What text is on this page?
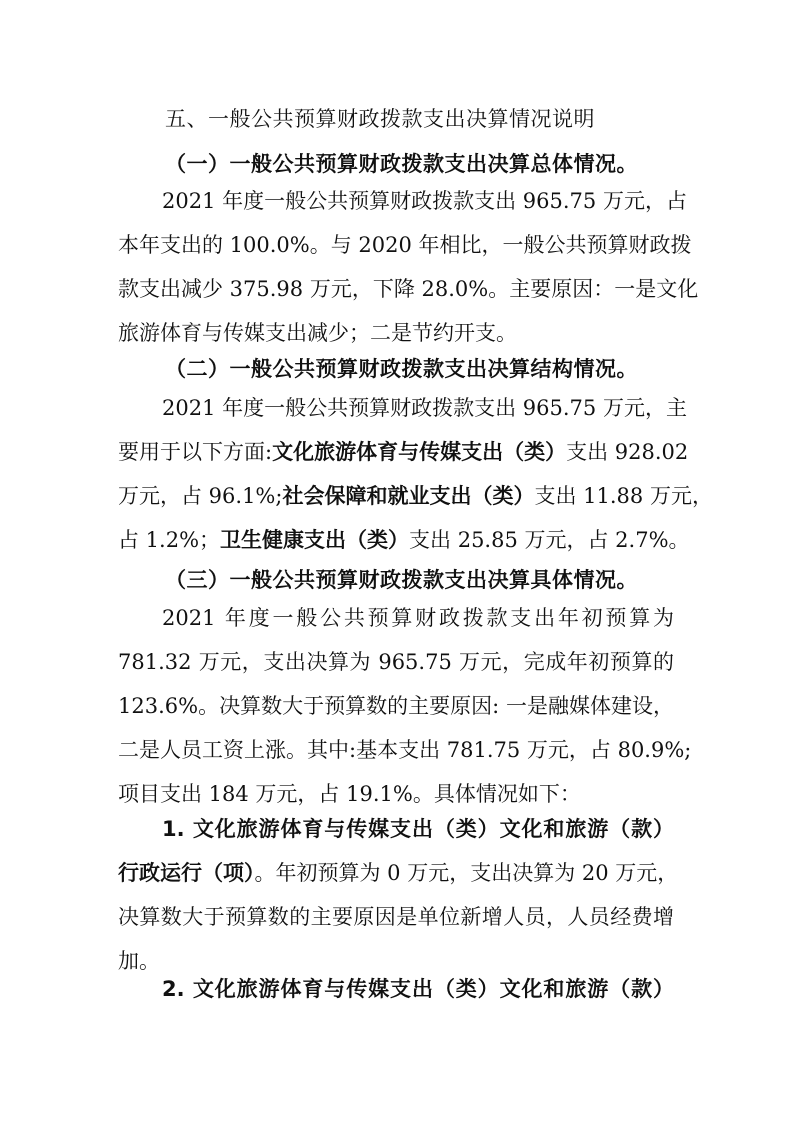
五、一般公共预算财政拨款支出决算情况说明
（一）一般公共预算财政拨款支出决算总体情况。
2021 年度一般公共预算财政拨款支出 965.75 万元，占
本年支出的 100.0%。与 2020 年相比，一般公共预算财政拨
款支出减少 375.98 万元，下降 28.0%。主要原因：一是文化
旅游体育与传媒支出减少；二是节约开支。
（二）一般公共预算财政拨款支出决算结构情况。
2021 年度一般公共预算财政拨款支出 965.75 万元，主
要用于以下方面:文化旅游体育与传媒支出（类）支出 928.02
万元，占 96.1%;社会保障和就业支出（类）支出 11.88 万元，
占 1.2%；卫生健康支出（类）支出 25.85 万元，占 2.7%。
（三）一般公共预算财政拨款支出决算具体情况。
2021 年度一般公共预算财政拨款支出年初预算为
781.32 万元，支出决算为 965.75 万元，完成年初预算的
123.6%。决算数大于预算数的主要原因: 一是融媒体建设，
二是人员工资上涨。其中:基本支出 781.75 万元，占 80.9%;
项目支出 184 万元，占 19.1%。具体情况如下：
1. 文化旅游体育与传媒支出（类）文化和旅游（款）
行政运行（项）。年初预算为 0 万元，支出决算为 20 万元，
决算数大于预算数的主要原因是单位新增人员，人员经费增
加。
2. 文化旅游体育与传媒支出（类）文化和旅游（款）
